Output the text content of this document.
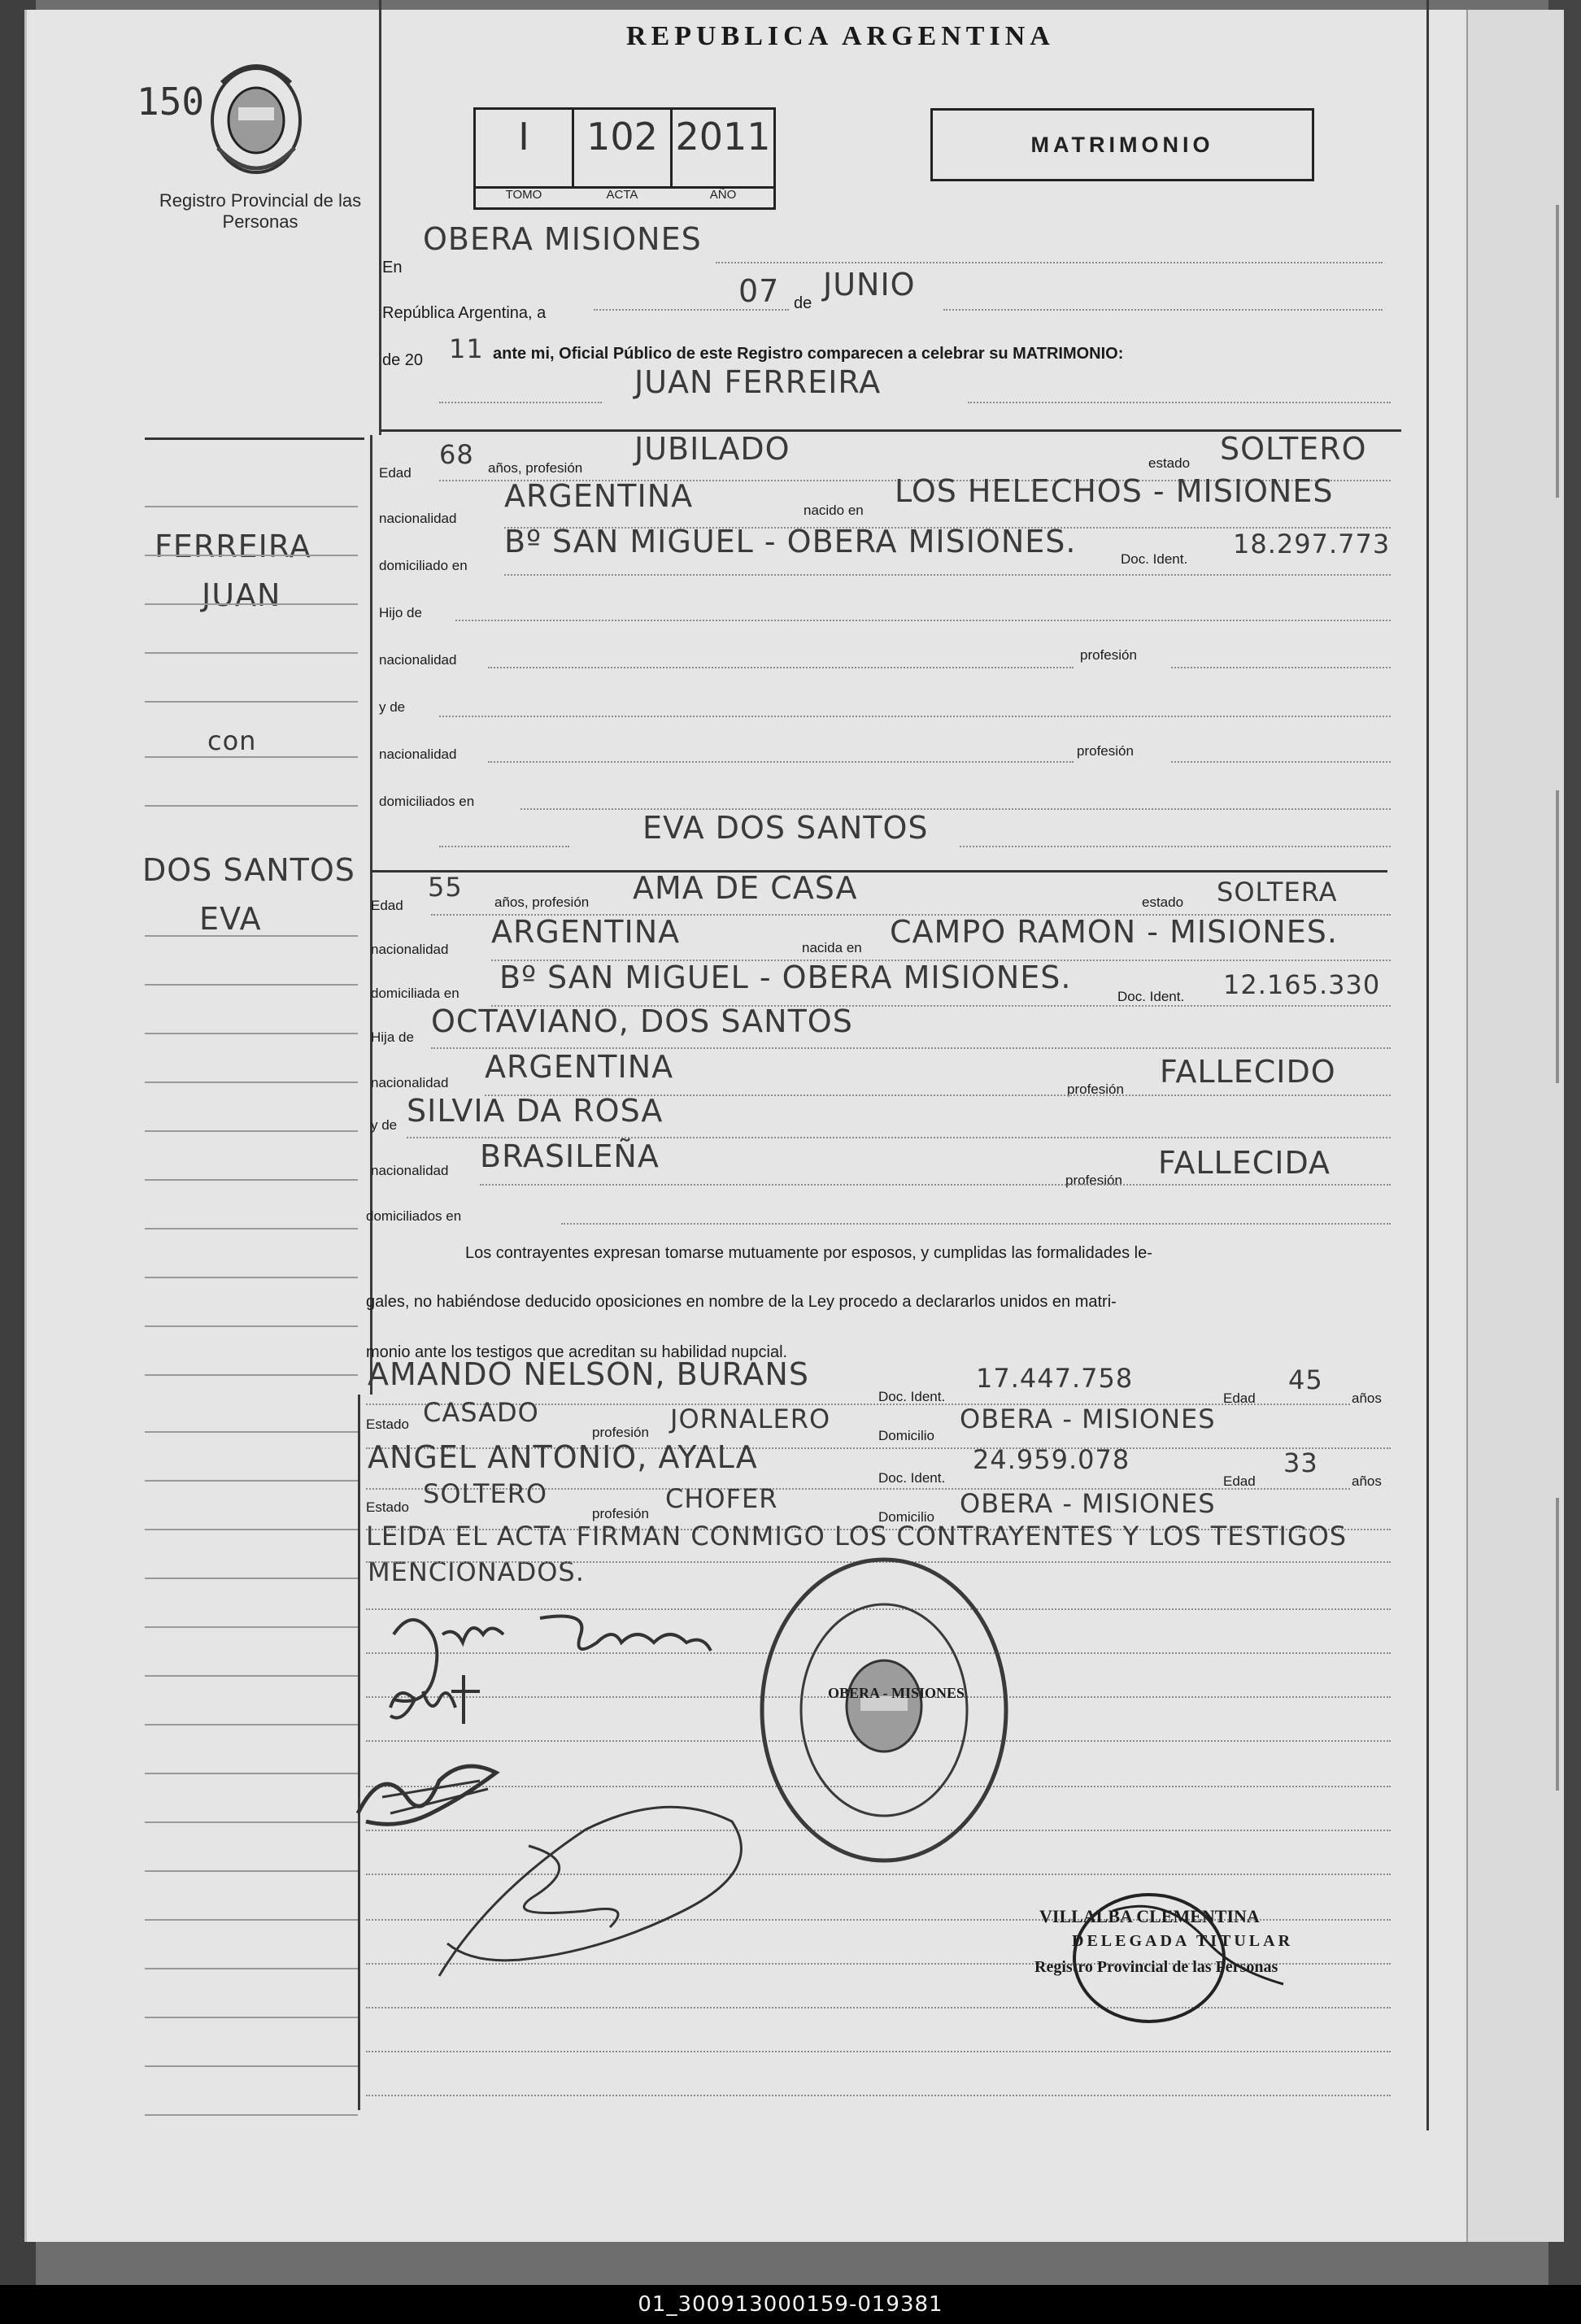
REPUBLICA ARGENTINA
MATRIMONIO
150
Registro Provincial de las Personas
I	102 2011
TOMO	ACTA	AÑO
En
OBERA MISIONES
República Argentina, a
07 de
JUNIO
de 20 11 ante mi, Oficial Público de este Registro comparecen a celebrar su MATRIMONIO:
JUAN FERREIRA
FERREIRA
JUAN
con
DOS SANTOS
EVA
Edad
68 años, profesión
JUBILADO	estado SOLTERO
nacionalidad
ARGENTINA	nacido en
LOS HELECHOS - MISIONES
domiciliado en
Bº SAN MIGUEL - OBERA MISIONES.	Doc. Ident. 18.297.773
Hijo de
nacionalidad	profesión
y de
nacionalidad	profesión
domiciliados en
EVA DOS SANTOS
Edad
55 años, profesión AMA DE CASA	estado SOLTERA
nacionalidad ARGENTINA	nacida en CAMPO RAMON - MISIONES.
domiciliada en Bº SAN MIGUEL - OBERA MISIONES.
Doc. Ident. 12.165.330
Hija de OCTAVIANO, DOS SANTOS
nacionalidad ARGENTINA
profesión FALLECIDO
y de SILVIA DA ROSA
nacionalidad BRASILEÑA
profesión FALLECIDA
domiciliados en
Los contrayentes expresan tomarse mutuamente por esposos, y cumplidas las formalidades le-
gales, no habiéndose deducido oposiciones en nombre de la Ley procedo a declararlos unidos en matri-
monio ante los testigos que acreditan su habilidad nupcial.
AMANDO NELSON, BURANS
Doc. Ident.
17.447.758
Edad
45
años
Estado CASADO
profesión JORNALERO
Domicilio
OBERA - MISIONES
ANGEL ANTONIO, AYALA
Doc. Ident.
24.959.078
Edad
33
años
Estado SOLTERO
profesión CHOFER
Domicilio OBERA - MISIONES
LEIDA EL ACTA FIRMAN CONMIGO LOS CONTRAYENTES Y LOS TESTIGOS
MENCIONADOS.
OBERA - MISIONES
VILLALBA CLEMENTINA
DELEGADA TITULAR
Registro Provincial de las Personas
01_300913000159-019381
